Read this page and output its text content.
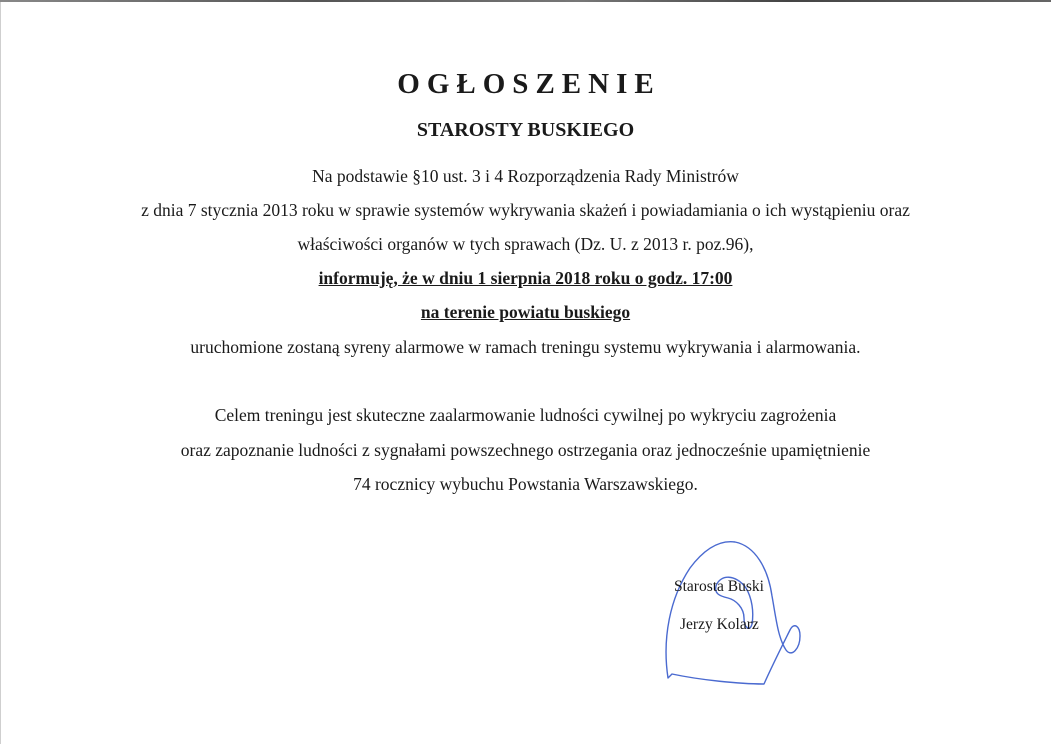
OGŁOSZENIE
STAROSTY BUSKIEGO
Na podstawie §10 ust. 3 i 4 Rozporządzenia Rady Ministrów
z dnia 7 stycznia 2013 roku w sprawie systemów wykrywania skażeń i powiadamiania o ich wystąpieniu oraz
właściwości organów w tych sprawach (Dz. U. z 2013 r. poz.96),
informuję, że w dniu 1 sierpnia 2018 roku o godz. 17:00
na terenie powiatu buskiego
uruchomione zostaną syreny alarmowe w ramach treningu systemu wykrywania i alarmowania.
Celem treningu jest skuteczne zaalarmowanie ludności cywilnej po wykryciu zagrożenia
oraz zapoznanie ludności z sygnałami powszechnego ostrzegania oraz jednocześnie upamiętnienie
74 rocznicy wybuchu Powstania Warszawskiego.
Starosta Buski
Jerzy Kolarz
